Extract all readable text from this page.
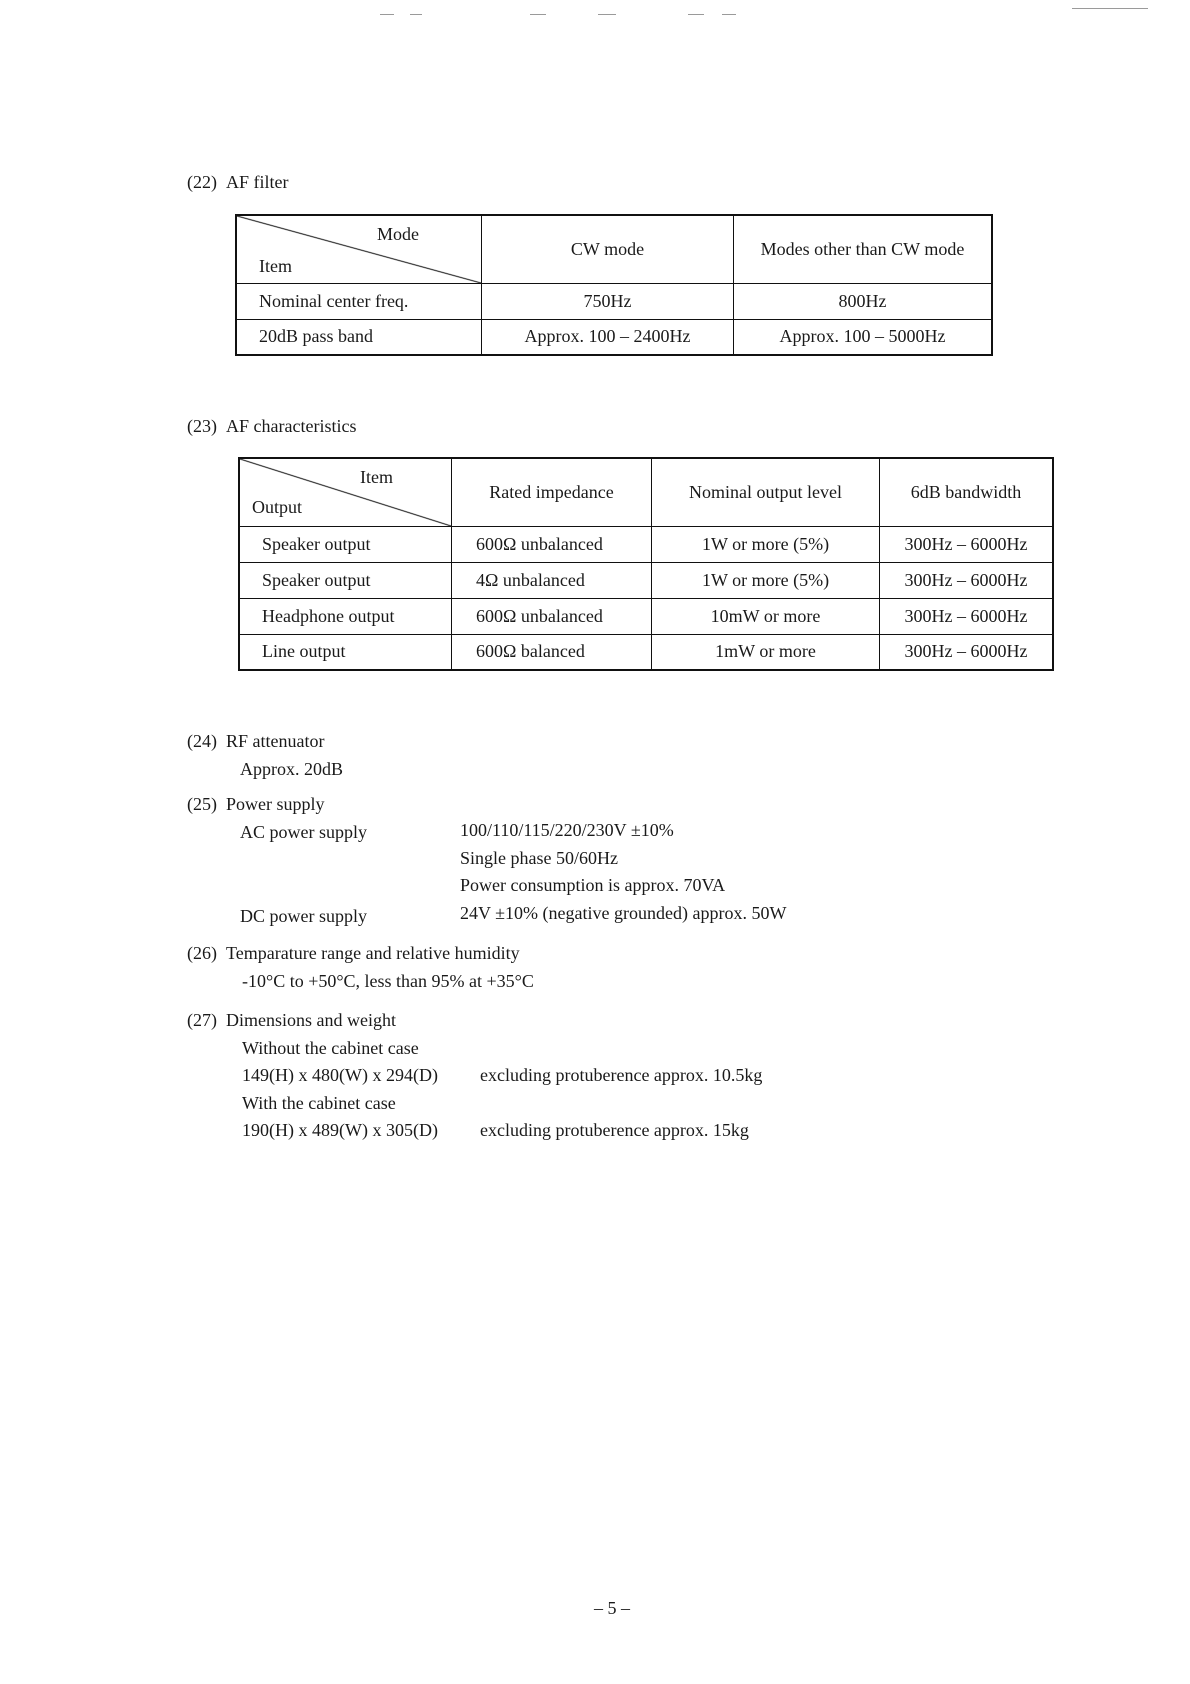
(22) AF filter
Mode
Item	CW mode	Modes other than CW mode
Nominal center freq.	750Hz	800Hz
20dB pass band	Approx. 100 – 2400Hz	Approx. 100 – 5000Hz
(23) AF characteristics
Item
Output	Rated impedance	Nominal output level	6dB bandwidth
Speaker output	600Ω unbalanced	1W or more (5%)	300Hz – 6000Hz
Speaker output	4Ω unbalanced	1W or more (5%)	300Hz – 6000Hz
Headphone output	600Ω unbalanced	10mW or more	300Hz – 6000Hz
Line output	600Ω balanced	1mW or more	300Hz – 6000Hz
(24) RF attenuator
Approx. 20dB
(25) Power supply
AC power supply	100/110/115/220/230V ±10%
Single phase 50/60Hz
Power consumption is approx. 70VA
DC power supply	24V ±10% (negative grounded) approx. 50W
(26) Temparature range and relative humidity
-10°C to +50°C, less than 95% at +35°C
(27) Dimensions and weight
Without the cabinet case
149(H) x 480(W) x 294(D) excluding protuberence approx. 10.5kg
With the cabinet case
190(H) x 489(W) x 305(D) excluding protuberence approx. 15kg
– 5 –
